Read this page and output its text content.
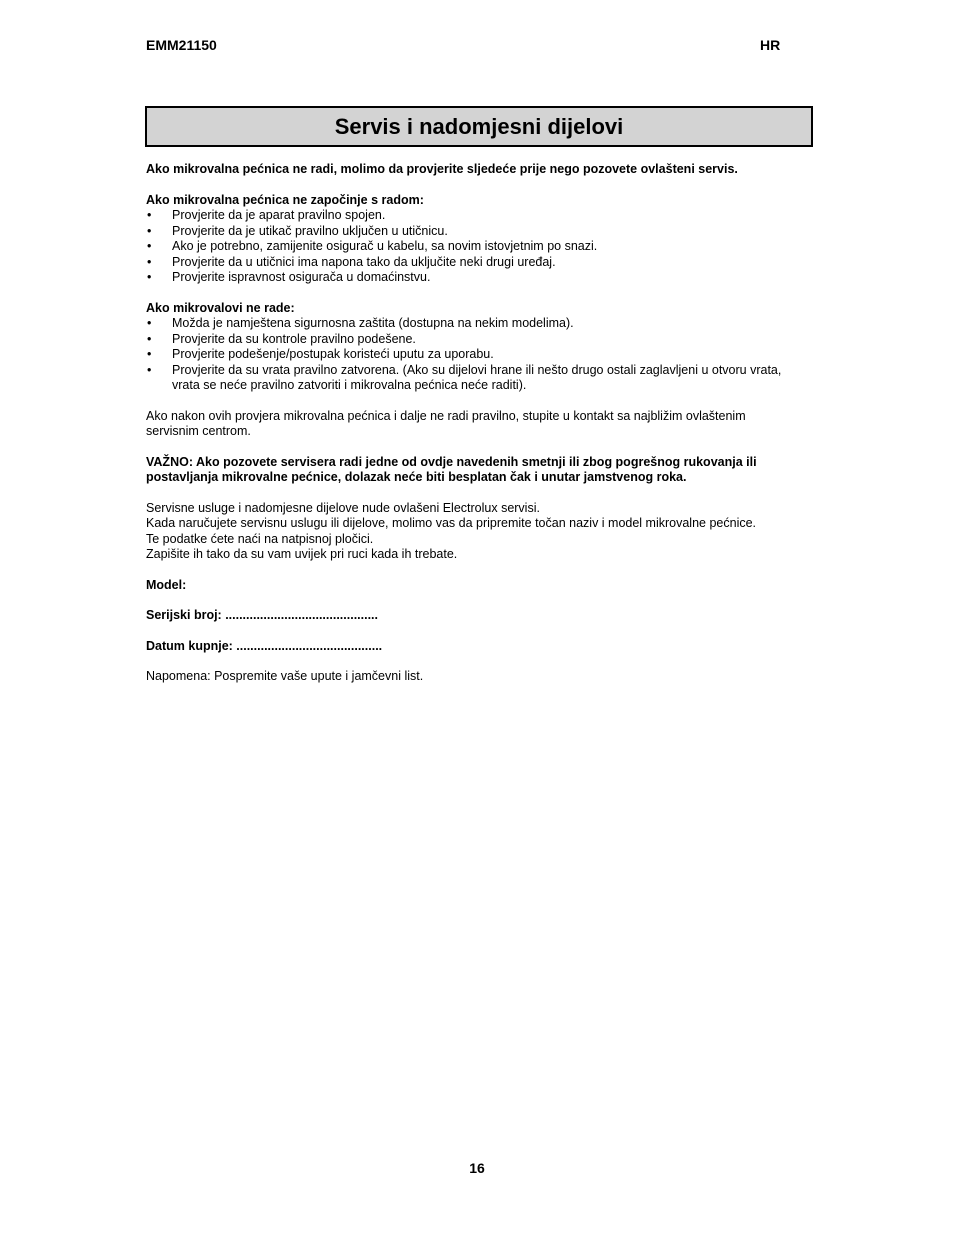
EMM21150	HR
Servis i nadomjesni dijelovi

Ako mikrovalna pećnica ne radi, molimo da provjerite sljedeće prije nego pozovete ovlašteni servis.

Ako mikrovalna pećnica ne započinje s radom:

• Provjerite da je aparat pravilno spojen.
• Provjerite da je utikač pravilno uključen u utičnicu.
• Ako je potrebno, zamijenite osigurač u kabelu, sa novim istovjetnim po snazi.
• Provjerite da u utičnici ima napona tako da uključite neki drugi uređaj.
• Provjerite ispravnost osigurača u domaćinstvu.

Ako mikrovalovi ne rade:

• Možda je namještena sigurnosna zaštita (dostupna na nekim modelima).
• Provjerite da su kontrole pravilno podešene.
• Provjerite podešenje/postupak koristeći uputu za uporabu.
• Provjerite da su vrata pravilno zatvorena. (Ako su dijelovi hrane ili nešto drugo ostali zaglavljeni u otvoru vrata, vrata se neće pravilno zatvoriti i mikrovalna pećnica neće raditi).

Ako nakon ovih provjera mikrovalna pećnica i dalje ne radi pravilno, stupite u kontakt sa najbližim ovlaštenim servisnim centrom.

VAŽNO: Ako pozovete servisera radi jedne od ovdje navedenih smetnji ili zbog pogrešnog rukovanja ili postavljanja mikrovalne pećnice, dolazak neće biti besplatan čak i unutar jamstvenog roka.

Servisne usluge i nadomjesne dijelove nude ovlašeni Electrolux servisi.

Kada naručujete servisnu uslugu ili dijelove, molimo vas da pripremite točan naziv i model mikrovalne pećnice.

Te podatke ćete naći na natpisnoj pločici.

Zapišite ih tako da su vam uvijek pri ruci kada ih trebate.

Model:

Serijski broj: ............................................

Datum kupnje: ..........................................

Napomena: Pospremite vaše upute i jamčevni list.

16
